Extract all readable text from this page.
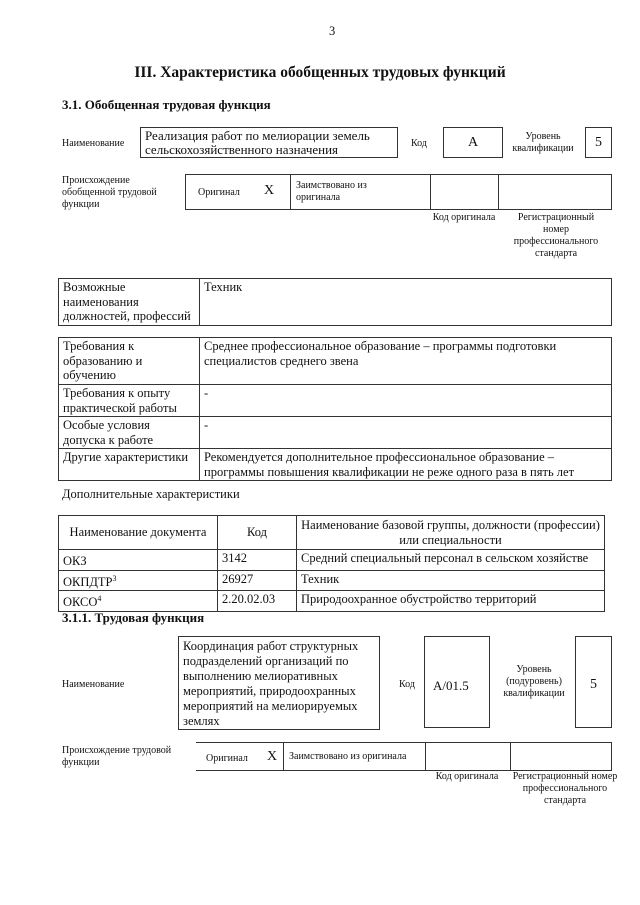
3
III. Характеристика обобщенных трудовых функций
3.1. Обобщенная трудовая функция
Наименование
Реализация работ по мелиорации земель сельскохозяйственного назначения	Код	А	Уровень квалификации	5
Происхождение обобщенной трудовой функции
Оригинал X Заимствовано из оригинала
Код оригинала	Регистрационный номер профессионального стандарта
Возможные наименования должностей, профессий	Техник
Требования к образованию и обучению	Среднее профессиональное образование – программы подготовки специалистов среднего звена
Требования к опыту практической работы	-
Особые условия допуска к работе	-
Другие характеристики	Рекомендуется дополнительное профессиональное образование – программы повышения квалификации не реже одного раза в пять лет
Дополнительные характеристики
Наименование документа	Код	Наименование базовой группы, должности (профессии) или специальности
ОКЗ	3142	Средний специальный персонал в сельском хозяйстве
ОКПДТР$^3$	26927	Техник
ОКСО$^4$	2.20.02.03	Природоохранное обустройство территорий
3.1.1. Трудовая функция
Наименование
Координация работ структурных подразделений организаций по выполнению мелиоративных мероприятий, природоохранных мероприятий на мелиорируемых землях
Код	A/01.5
Уровень (подуровень) квалификации
5
Происхождение трудовой функции	Оригинал X Заимствовано из оригинала
Код оригинала	Регистрационный номер профессионального стандарта
